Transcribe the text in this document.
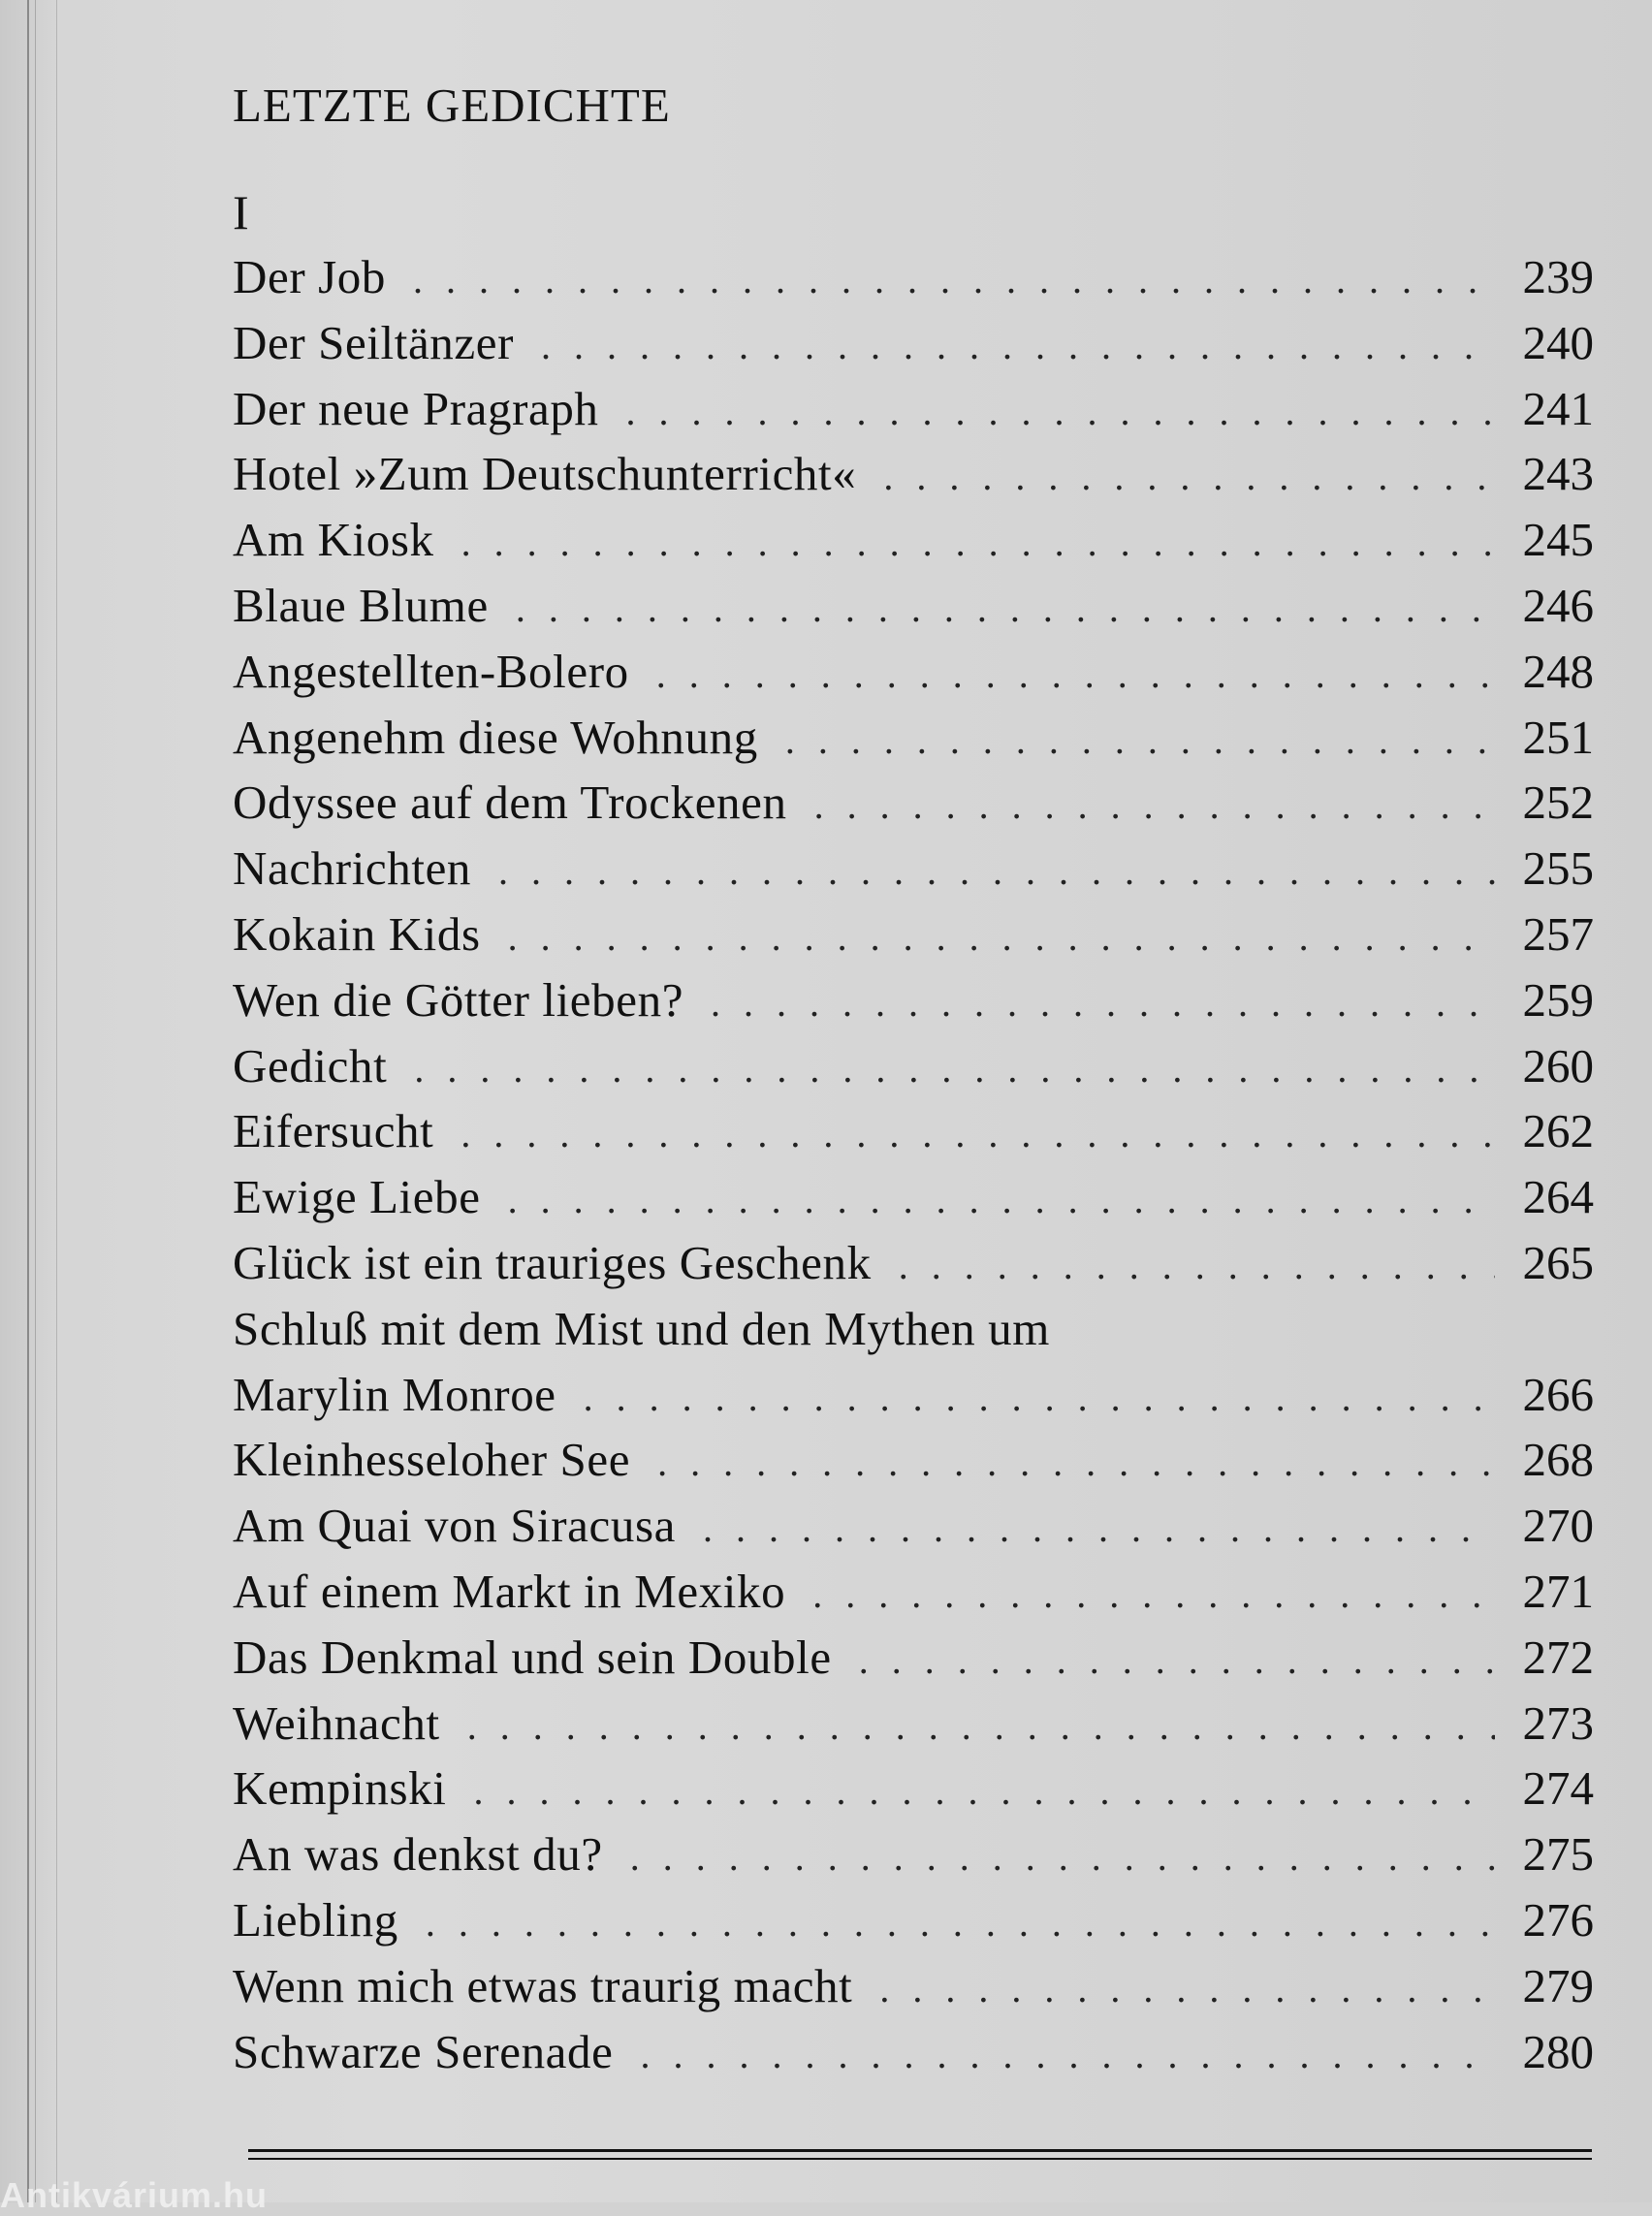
LETZTE GEDICHTE
I
Der Job . . .	239
Der Seiltänzer . . .	240
Der neue Pragraph . . .	241
Hotel »Zum Deutschunterricht« . . .	243
Am Kiosk . . .	245
Blaue Blume . . .	246
Angestellten-Bolero . . .	248
Angenehm diese Wohnung . . .	251
Odyssee auf dem Trockenen . . .	252
Nachrichten . . .	255
Kokain Kids . . .	257
Wen die Götter lieben? . . .	259
Gedicht . . .	260
Eifersucht . . .	262
Ewige Liebe . . .	264
Glück ist ein trauriges Geschenk . . .	265
Schluß mit dem Mist und den Mythen um
Marylin Monroe . . .	266
Kleinhesseloher See . . .	268
Am Quai von Siracusa . . .	270
Auf einem Markt in Mexiko . . .	271
Das Denkmal und sein Double . . .	272
Weihnacht . . .	273
Kempinski . . .	274
An was denkst du? . . .	275
Liebling . . .	276
Wenn mich etwas traurig macht . . .	279
Schwarze Serenade . . .	280
Antikvárium.hu
